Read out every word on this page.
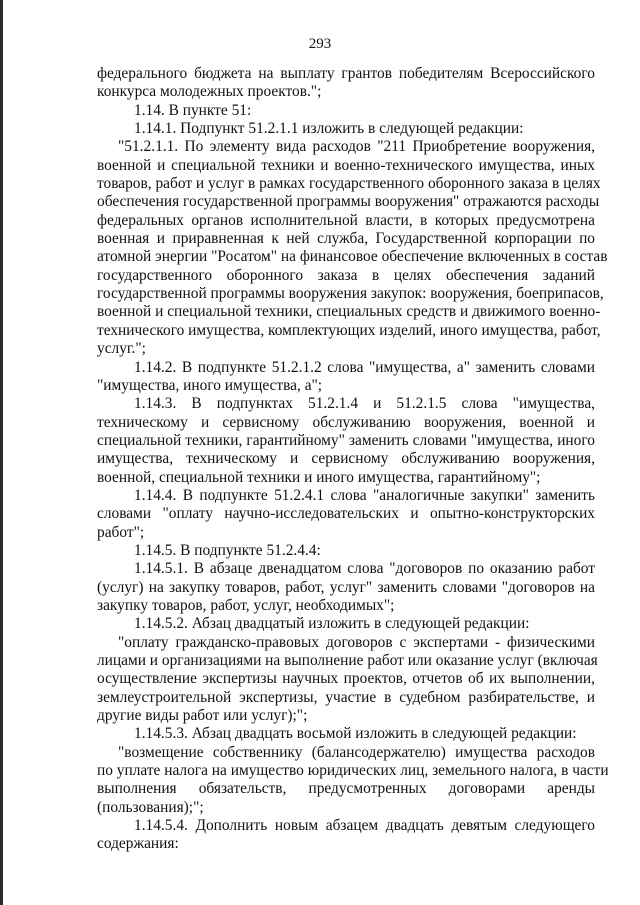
293
федерального бюджета на выплату грантов победителям Всероссийского
конкурса молодежных проектов.";
1.14. В пункте 51:
1.14.1. Подпункт 51.2.1.1 изложить в следующей редакции:
"51.2.1.1. По элементу вида расходов "211 Приобретение вооружения,
военной и специальной техники и военно-технического имущества, иных
товаров, работ и услуг в рамках государственного оборонного заказа в целях
обеспечения государственной программы вооружения" отражаются расходы
федеральных органов исполнительной власти, в которых предусмотрена
военная и приравненная к ней служба, Государственной корпорации по
атомной энергии "Росатом" на финансовое обеспечение включенных в состав
государственного оборонного заказа в целях обеспечения заданий
государственной программы вооружения закупок: вооружения, боеприпасов,
военной и специальной техники, специальных средств и движимого военно-
технического имущества, комплектующих изделий, иного имущества, работ,
услуг.";
1.14.2. В подпункте 51.2.1.2 слова "имущества, а" заменить словами
"имущества, иного имущества, а";
1.14.3. В подпунктах 51.2.1.4 и 51.2.1.5 слова "имущества,
техническому и сервисному обслуживанию вооружения, военной и
специальной техники, гарантийному" заменить словами "имущества, иного
имущества, техническому и сервисному обслуживанию вооружения,
военной, специальной техники и иного имущества, гарантийному";
1.14.4. В подпункте 51.2.4.1 слова "аналогичные закупки" заменить
словами "оплату научно-исследовательских и опытно-конструкторских
работ";
1.14.5. В подпункте 51.2.4.4:
1.14.5.1. В абзаце двенадцатом слова "договоров по оказанию работ
(услуг) на закупку товаров, работ, услуг" заменить словами "договоров на
закупку товаров, работ, услуг, необходимых";
1.14.5.2. Абзац двадцатый изложить в следующей редакции:
"оплату гражданско-правовых договоров с экспертами - физическими
лицами и организациями на выполнение работ или оказание услуг (включая
осуществление экспертизы научных проектов, отчетов об их выполнении,
землеустроительной экспертизы, участие в судебном разбирательстве, и
другие виды работ или услуг);";
1.14.5.3. Абзац двадцать восьмой изложить в следующей редакции:
"возмещение собственнику (балансодержателю) имущества расходов
по уплате налога на имущество юридических лиц, земельного налога, в части
выполнения обязательств, предусмотренных договорами аренды
(пользования);";
1.14.5.4. Дополнить новым абзацем двадцать девятым следующего
содержания:
